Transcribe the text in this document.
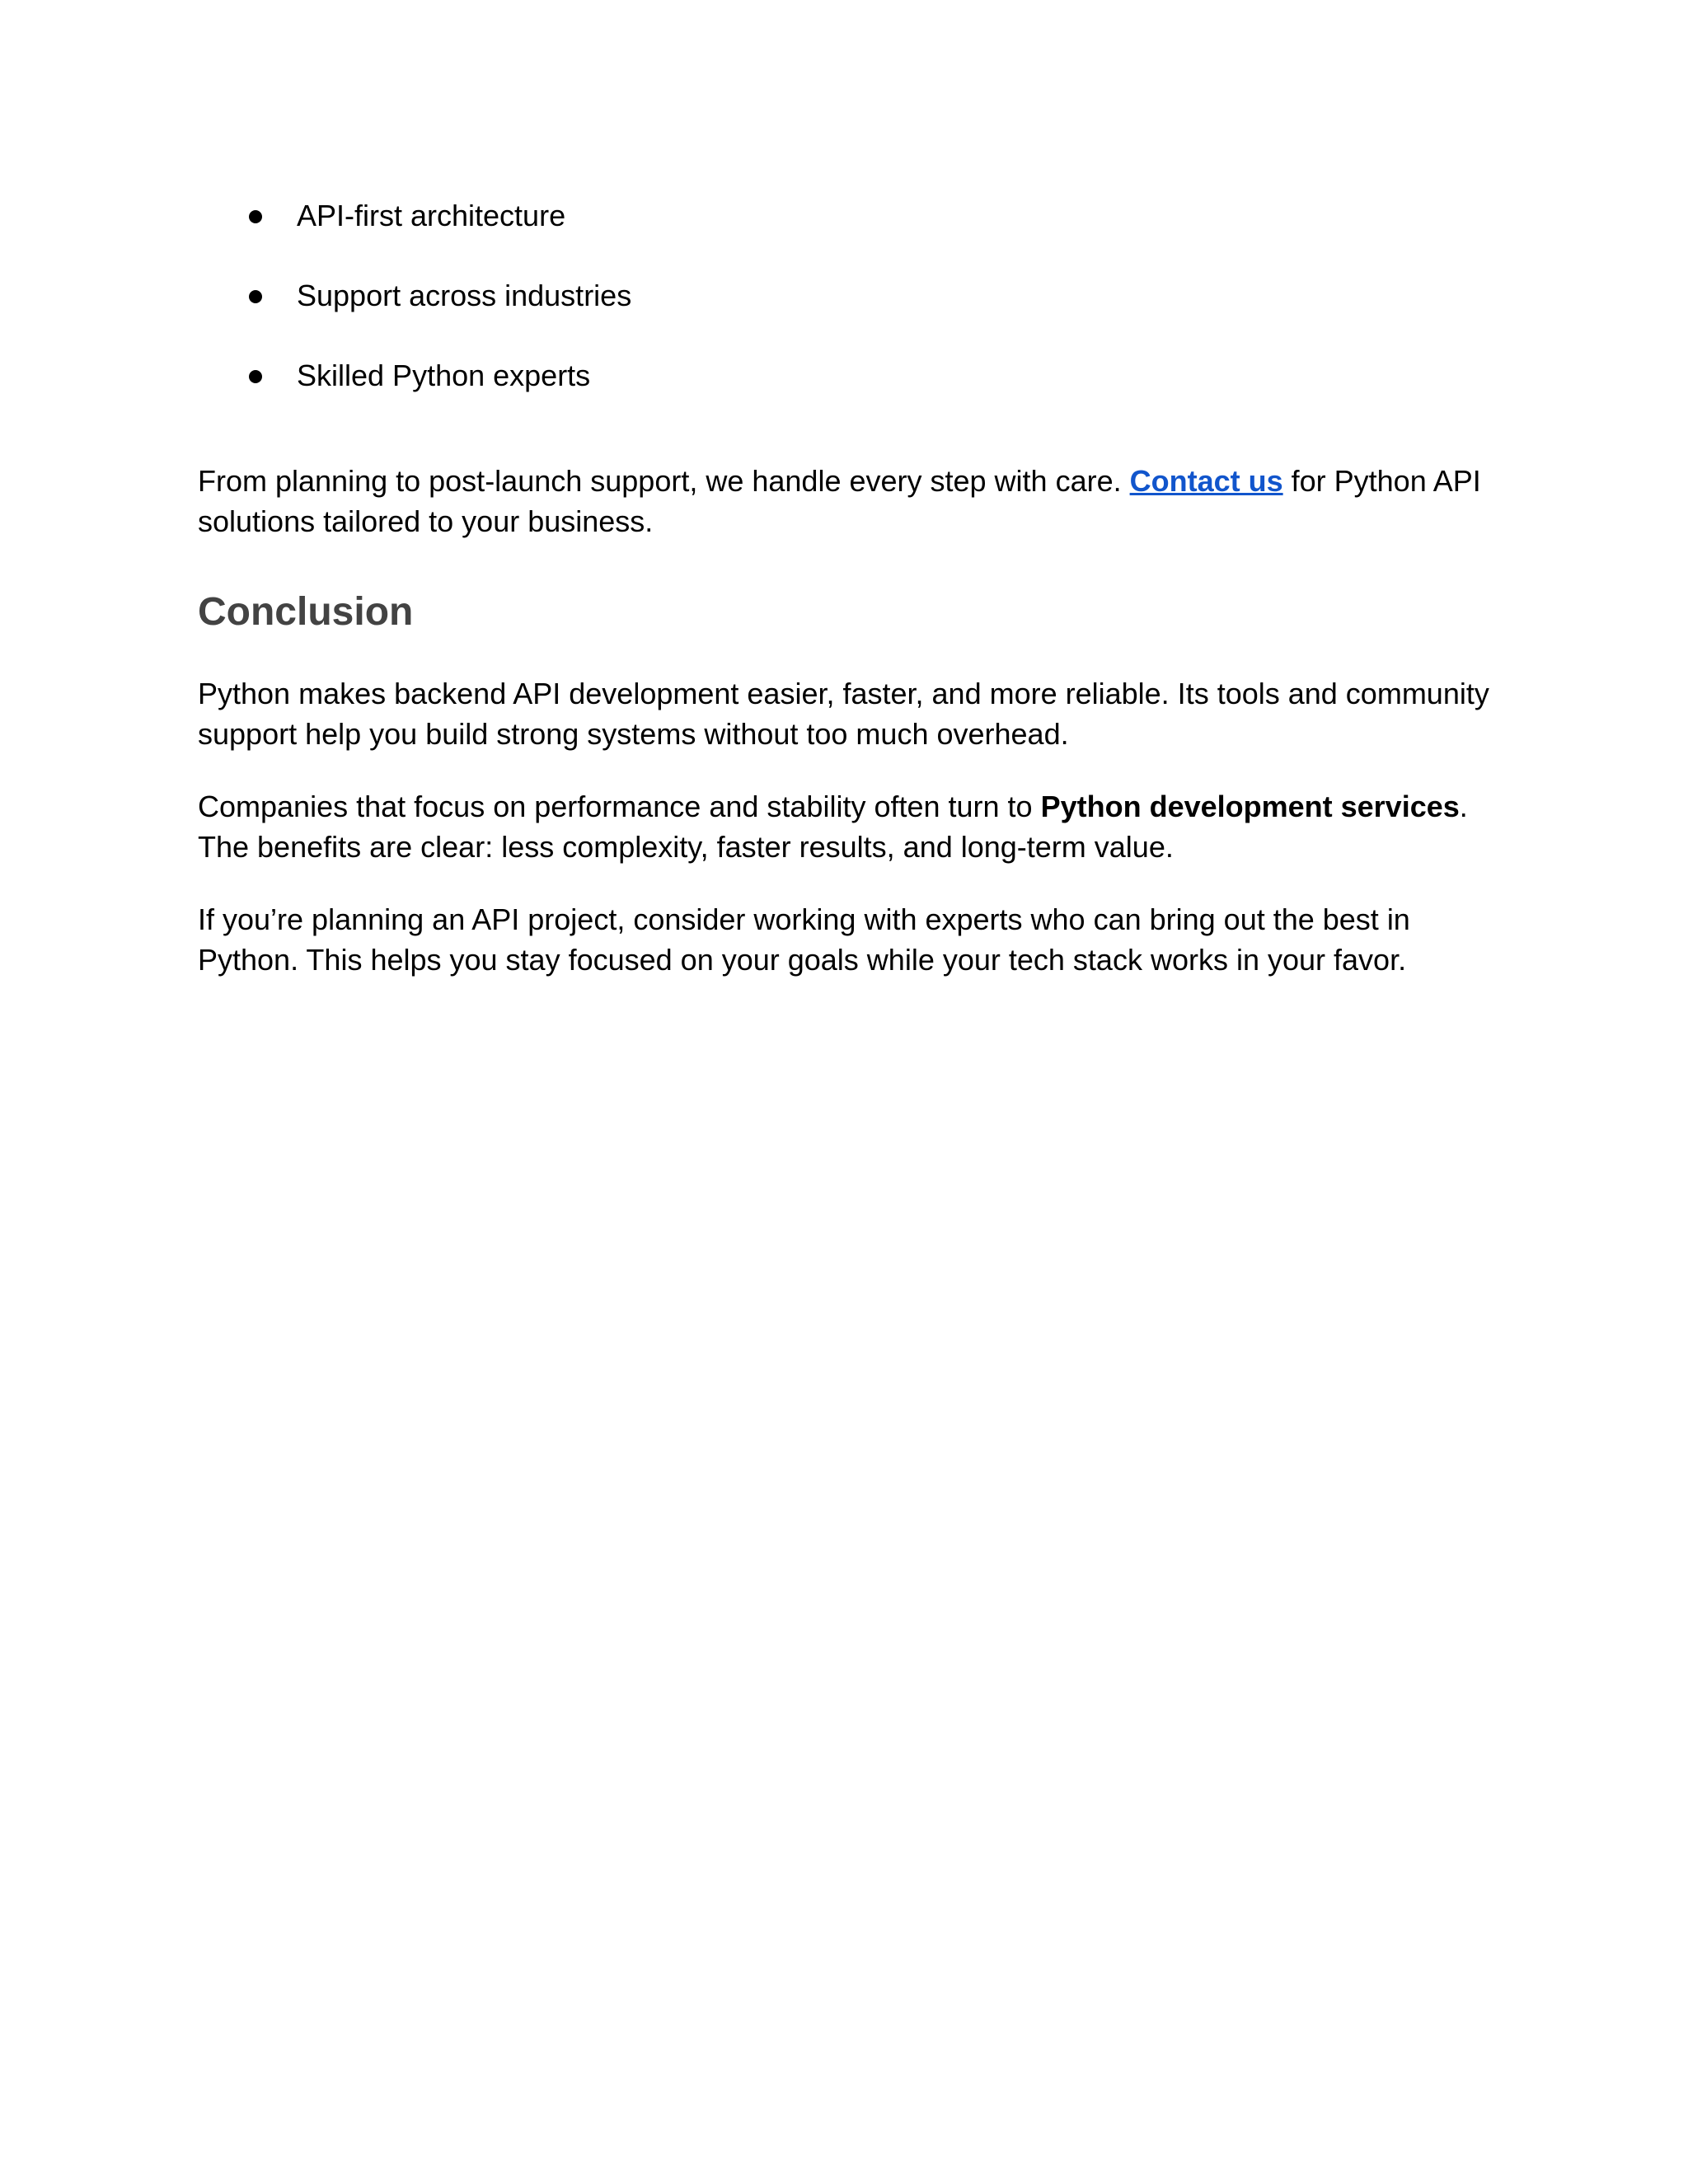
API-first architecture
Support across industries
Skilled Python experts

From planning to post-launch support, we handle every step with care. Contact us for Python API solutions tailored to your business.

Conclusion

Python makes backend API development easier, faster, and more reliable. Its tools and community support help you build strong systems without too much overhead.

Companies that focus on performance and stability often turn to Python development services. The benefits are clear: less complexity, faster results, and long-term value.

If you’re planning an API project, consider working with experts who can bring out the best in Python. This helps you stay focused on your goals while your tech stack works in your favor.
